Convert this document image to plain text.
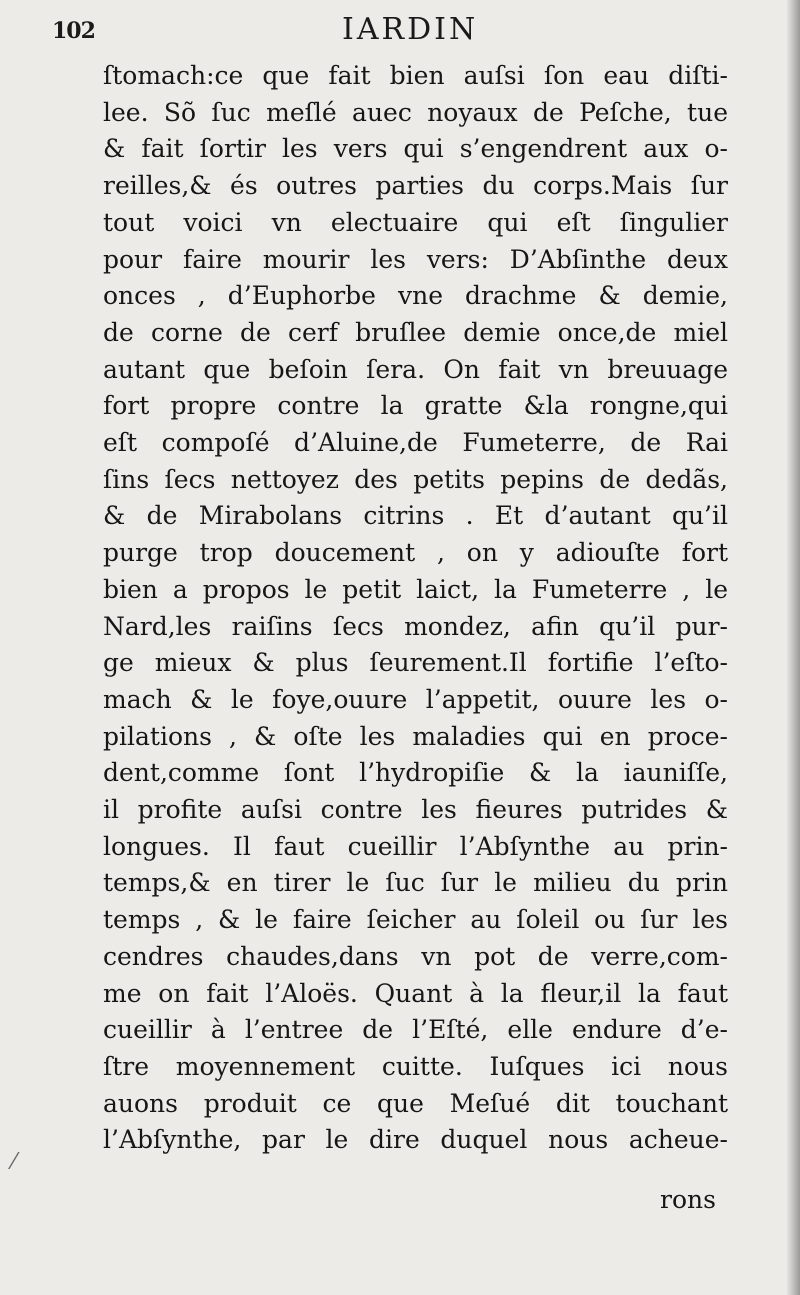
102	IARDIN
ſtomach:ce que fait bien auſsi ſon eau diſti-
lee. Sõ ſuc meſlé auec noyaux de Peſche, tue
& fait ſortir les vers qui s’engendrent aux o-
reilles,& és outres parties du corps.Mais ſur
tout voici vn electuaire qui eſt ſingulier
pour faire mourir les vers: D’Abſinthe deux
onces , d’Euphorbe vne drachme & demie,
de corne de cerf bruſlee demie once,de miel
autant que beſoin ſera. On fait vn breuuage
fort propre contre la gratte &la rongne,qui
eſt compoſé d’Aluine,de Fumeterre, de Rai
ſins ſecs nettoyez des petits pepins de dedãs,
& de Mirabolans citrins . Et d’autant qu’il
purge trop doucement , on y adiouſte fort
bien a propos le petit laict, la Fumeterre , le
Nard,les raiſins ſecs mondez, afin qu’il pur-
ge mieux & plus ſeurement.Il fortifie l’eſto-
mach & le foye,ouure l’appetit, ouure les o-
pilations , & oſte les maladies qui en proce-
dent,comme ſont l’hydropiſie & la iauniſſe,
il profite auſsi contre les fieures putrides &
longues. Il faut cueillir l’Abſynthe au prin-
temps,& en tirer le ſuc ſur le milieu du prin
temps , & le faire ſeicher au ſoleil ou ſur les
cendres chaudes,dans vn pot de verre,com-
me on fait l’Aloës. Quant à la fleur,il la faut
cueillir à l’entree de l’Eſté, elle endure d’e-
ſtre moyennement cuitte. Iuſques ici nous
auons produit ce que Meſué dit touchant
l’Abſynthe, par le dire duquel nous acheue-
rons
⁄
